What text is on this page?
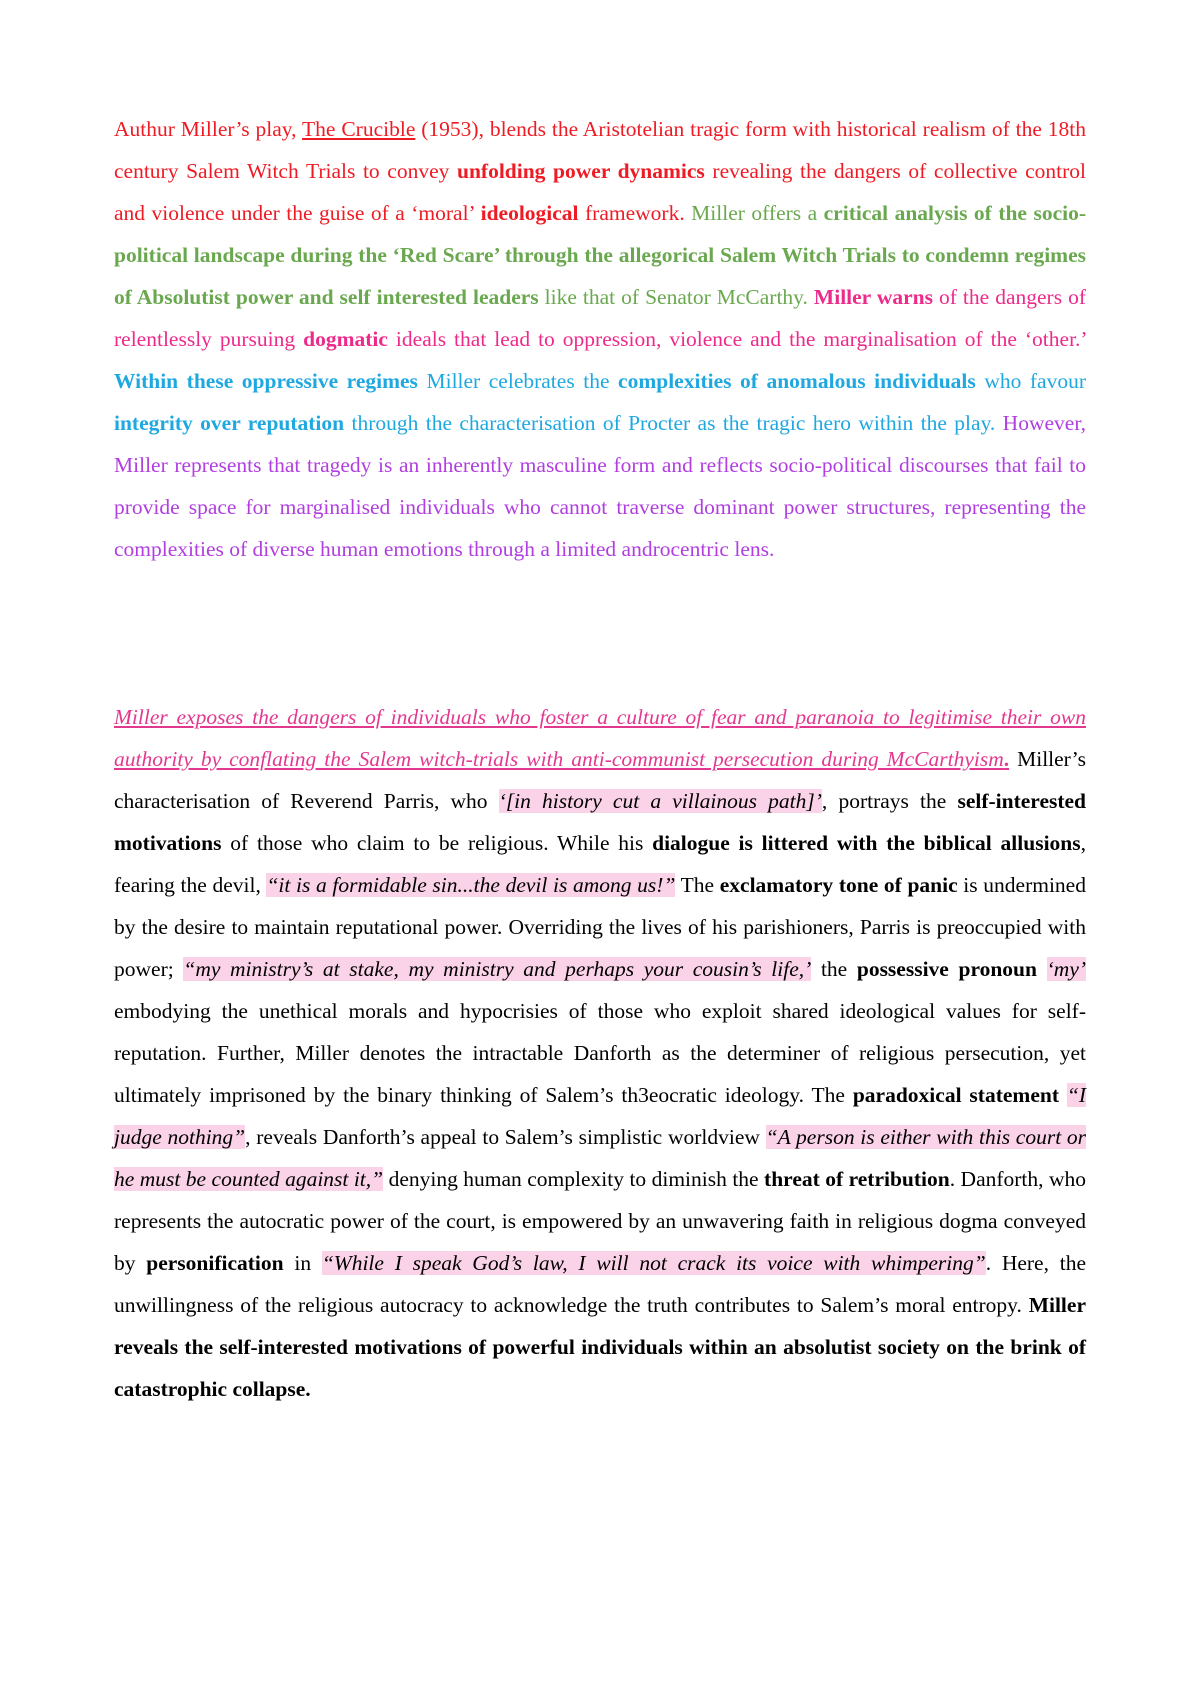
Authur Miller’s play, The Crucible (1953), blends the Aristotelian tragic form with historical realism of the 18th century Salem Witch Trials to convey unfolding power dynamics revealing the dangers of collective control and violence under the guise of a ‘moral’ ideological framework. Miller offers a critical analysis of the socio-political landscape during the ‘Red Scare’ through the allegorical Salem Witch Trials to condemn regimes of Absolutist power and self interested leaders like that of Senator McCarthy. Miller warns of the dangers of relentlessly pursuing dogmatic ideals that lead to oppression, violence and the marginalisation of the ‘other.’ Within these oppressive regimes Miller celebrates the complexities of anomalous individuals who favour integrity over reputation through the characterisation of Procter as the tragic hero within the play. However, Miller represents that tragedy is an inherently masculine form and reflects socio-political discourses that fail to provide space for marginalised individuals who cannot traverse dominant power structures, representing the complexities of diverse human emotions through a limited androcentric lens.

Miller exposes the dangers of individuals who foster a culture of fear and paranoia to legitimise their own authority by conflating the Salem witch-trials with anti-communist persecution during McCarthyism. Miller’s characterisation of Reverend Parris, who ‘[in history cut a villainous path]’, portrays the self-interested motivations of those who claim to be religious. While his dialogue is littered with the biblical allusions, fearing the devil, “it is a formidable sin...the devil is among us!” The exclamatory tone of panic is undermined by the desire to maintain reputational power. Overriding the lives of his parishioners, Parris is preoccupied with power; “my ministry’s at stake, my ministry and perhaps your cousin’s life,’ the possessive pronoun ‘my’ embodying the unethical morals and hypocrisies of those who exploit shared ideological values for self-reputation. Further, Miller denotes the intractable Danforth as the determiner of religious persecution, yet ultimately imprisoned by the binary thinking of Salem’s th3eocratic ideology. The paradoxical statement “I judge nothing”, reveals Danforth’s appeal to Salem’s simplistic worldview “A person is either with this court or he must be counted against it,” denying human complexity to diminish the threat of retribution. Danforth, who represents the autocratic power of the court, is empowered by an unwavering faith in religious dogma conveyed by personification in “While I speak God’s law, I will not crack its voice with whimpering”. Here, the unwillingness of the religious autocracy to acknowledge the truth contributes to Salem’s moral entropy. Miller reveals the self-interested motivations of powerful individuals within an absolutist society on the brink of catastrophic collapse.
